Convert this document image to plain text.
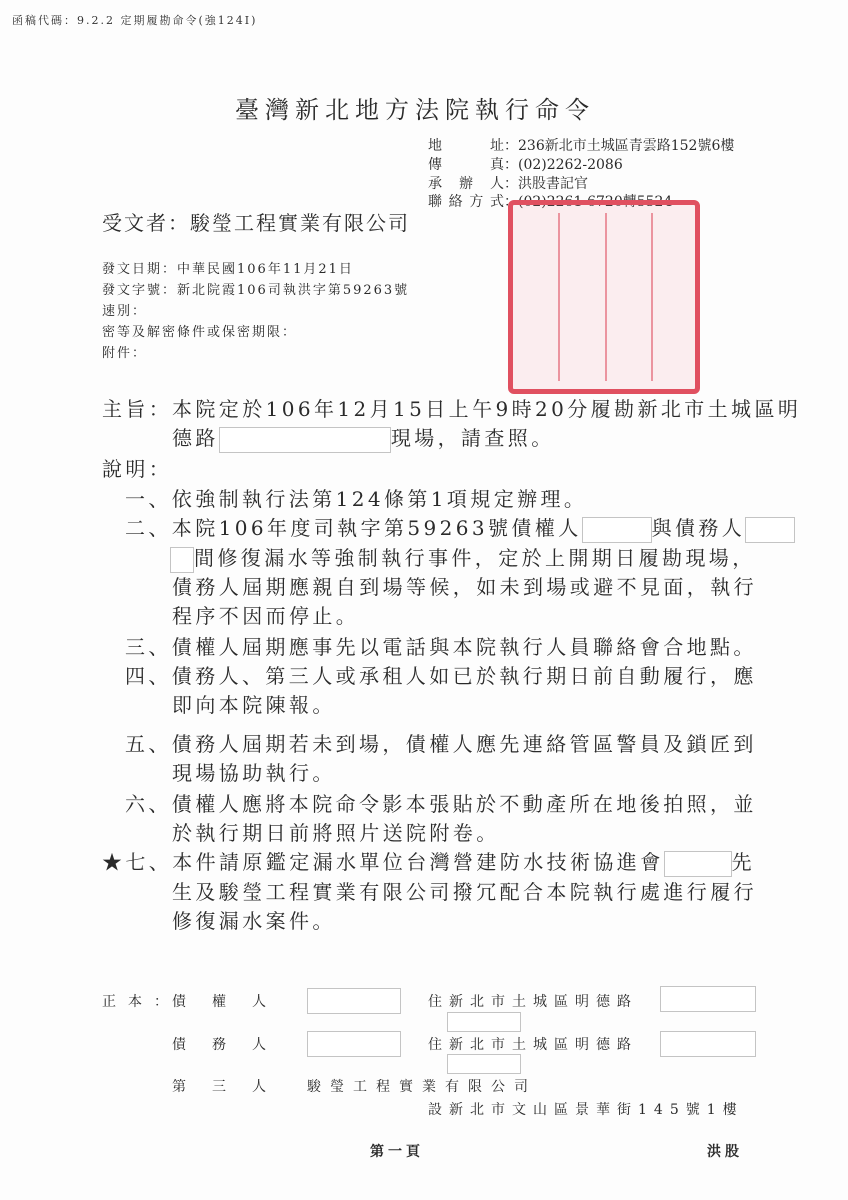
函稿代碼：9.2.2 定期履勘命令(強124Ⅰ)
臺灣新北地方法院執行命令
地　址：236新北市土城區青雲路152號6樓
傳　真：(02)2262-2086
承辦人：洪股書記官
聯絡方式：(02)2261-6720轉5524
受文者：駿瑩工程實業有限公司
發文日期：中華民國106年11月21日
發文字號：新北院霞106司執洪字第59263號
速別：
密等及解密條件或保密期限：
附件：
主旨： 本院定於106年12月15日上午9時20分履勘新北市土城區明
德路	現場，請查照。
說明：
一、依強制執行法第124條第1項規定辦理。
二、本院106年度司執字第59263號債權人	與債務人
間修復漏水等強制執行事件，定於上開期日履勘現場，
債務人屆期應親自到場等候，如未到場或避不見面，執行
程序不因而停止。
三、債權人屆期應事先以電話與本院執行人員聯絡會合地點。
四、債務人、第三人或承租人如已於執行期日前自動履行，應
即向本院陳報。
五、債務人屆期若未到場，債權人應先連絡管區警員及鎖匠到
現場協助執行。
六、債權人應將本院命令影本張貼於不動產所在地後拍照，並
於執行期日前將照片送院附卷。
★七、本件請原鑑定漏水單位台灣營建防水技術協進會	先
生及駿瑩工程實業有限公司撥冗配合本院執行處進行履行
修復漏水案件。
正本：
債權人	住新北市土城區明德路
債務人	住新北市土城區明德路
第三人 駿瑩工程實業有限公司
設新北市文山區景華街145號1樓
第一頁	洪股
